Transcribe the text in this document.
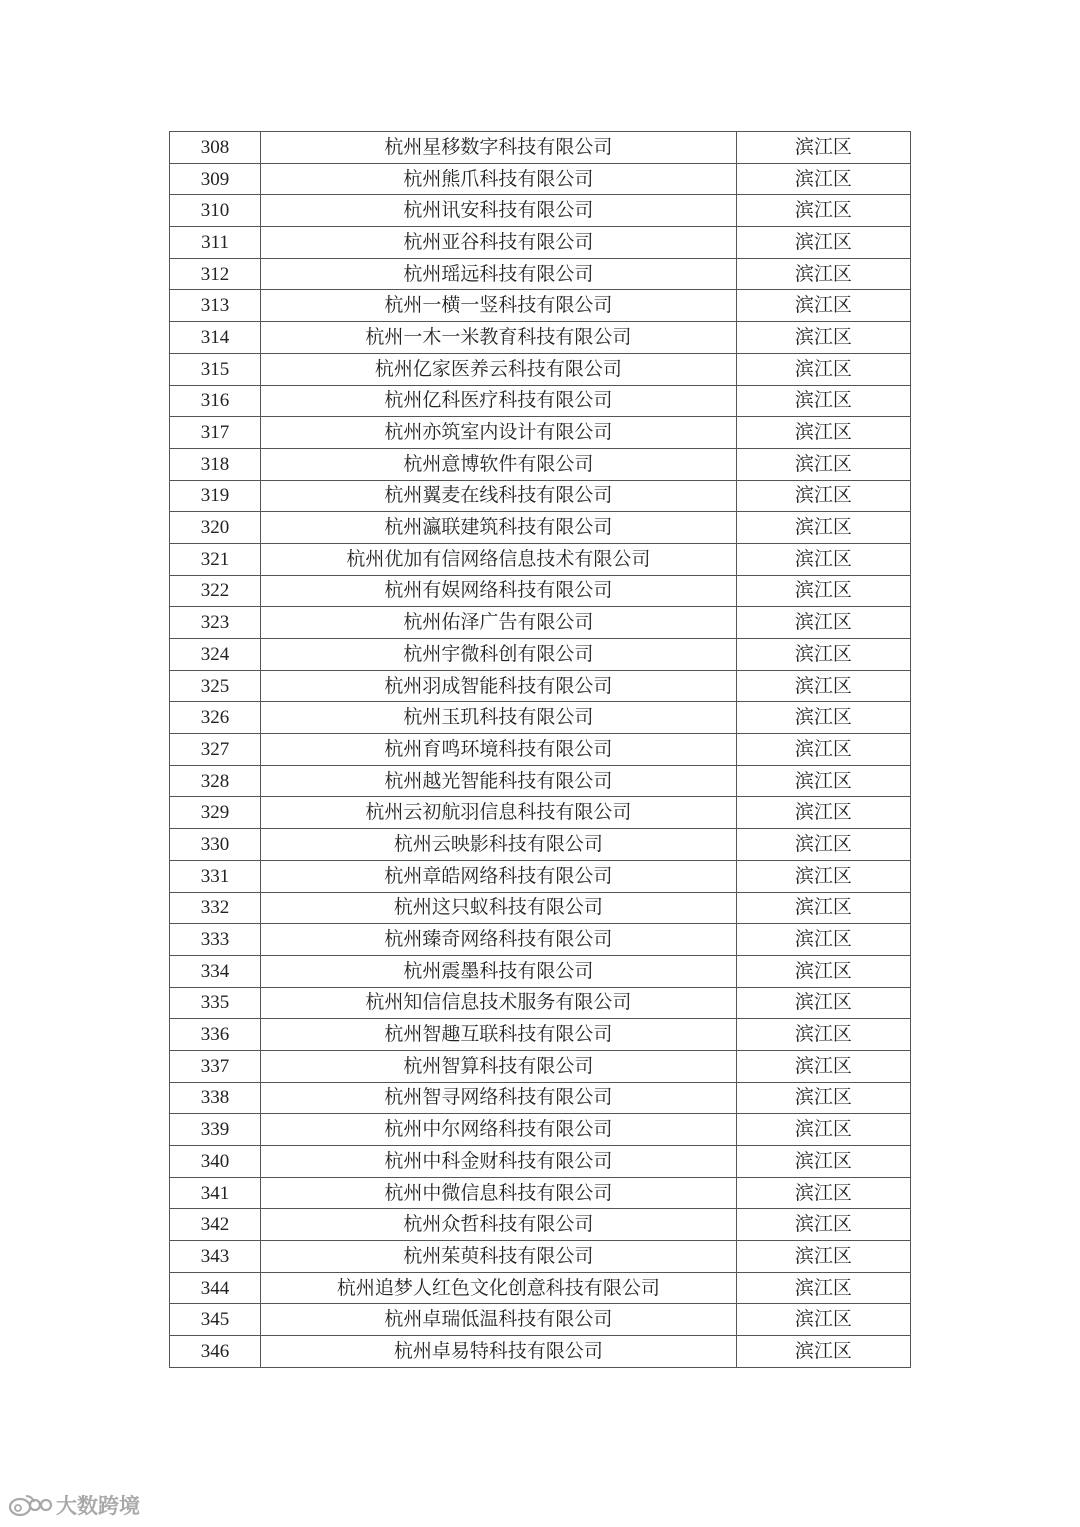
308	杭州星移数字科技有限公司	滨江区
309	杭州熊爪科技有限公司	滨江区
310	杭州讯安科技有限公司	滨江区
311	杭州亚谷科技有限公司	滨江区
312	杭州瑶远科技有限公司	滨江区
313	杭州一横一竖科技有限公司	滨江区
314	杭州一木一米教育科技有限公司	滨江区
315	杭州亿家医养云科技有限公司	滨江区
316	杭州亿科医疗科技有限公司	滨江区
317	杭州亦筑室内设计有限公司	滨江区
318	杭州意博软件有限公司	滨江区
319	杭州翼麦在线科技有限公司	滨江区
320	杭州瀛联建筑科技有限公司	滨江区
321	杭州优加有信网络信息技术有限公司	滨江区
322	杭州有娱网络科技有限公司	滨江区
323	杭州佑泽广告有限公司	滨江区
324	杭州宇微科创有限公司	滨江区
325	杭州羽成智能科技有限公司	滨江区
326	杭州玉玑科技有限公司	滨江区
327	杭州育鸣环境科技有限公司	滨江区
328	杭州越光智能科技有限公司	滨江区
329	杭州云初航羽信息科技有限公司	滨江区
330	杭州云映影科技有限公司	滨江区
331	杭州章皓网络科技有限公司	滨江区
332	杭州这只蚁科技有限公司	滨江区
333	杭州臻奇网络科技有限公司	滨江区
334	杭州震墨科技有限公司	滨江区
335	杭州知信信息技术服务有限公司	滨江区
336	杭州智趣互联科技有限公司	滨江区
337	杭州智算科技有限公司	滨江区
338	杭州智寻网络科技有限公司	滨江区
339	杭州中尔网络科技有限公司	滨江区
340	杭州中科金财科技有限公司	滨江区
341	杭州中微信息科技有限公司	滨江区
342	杭州众哲科技有限公司	滨江区
343	杭州茱萸科技有限公司	滨江区
344	杭州追梦人红色文化创意科技有限公司	滨江区
345	杭州卓瑞低温科技有限公司	滨江区
346	杭州卓易特科技有限公司	滨江区
大数跨境
